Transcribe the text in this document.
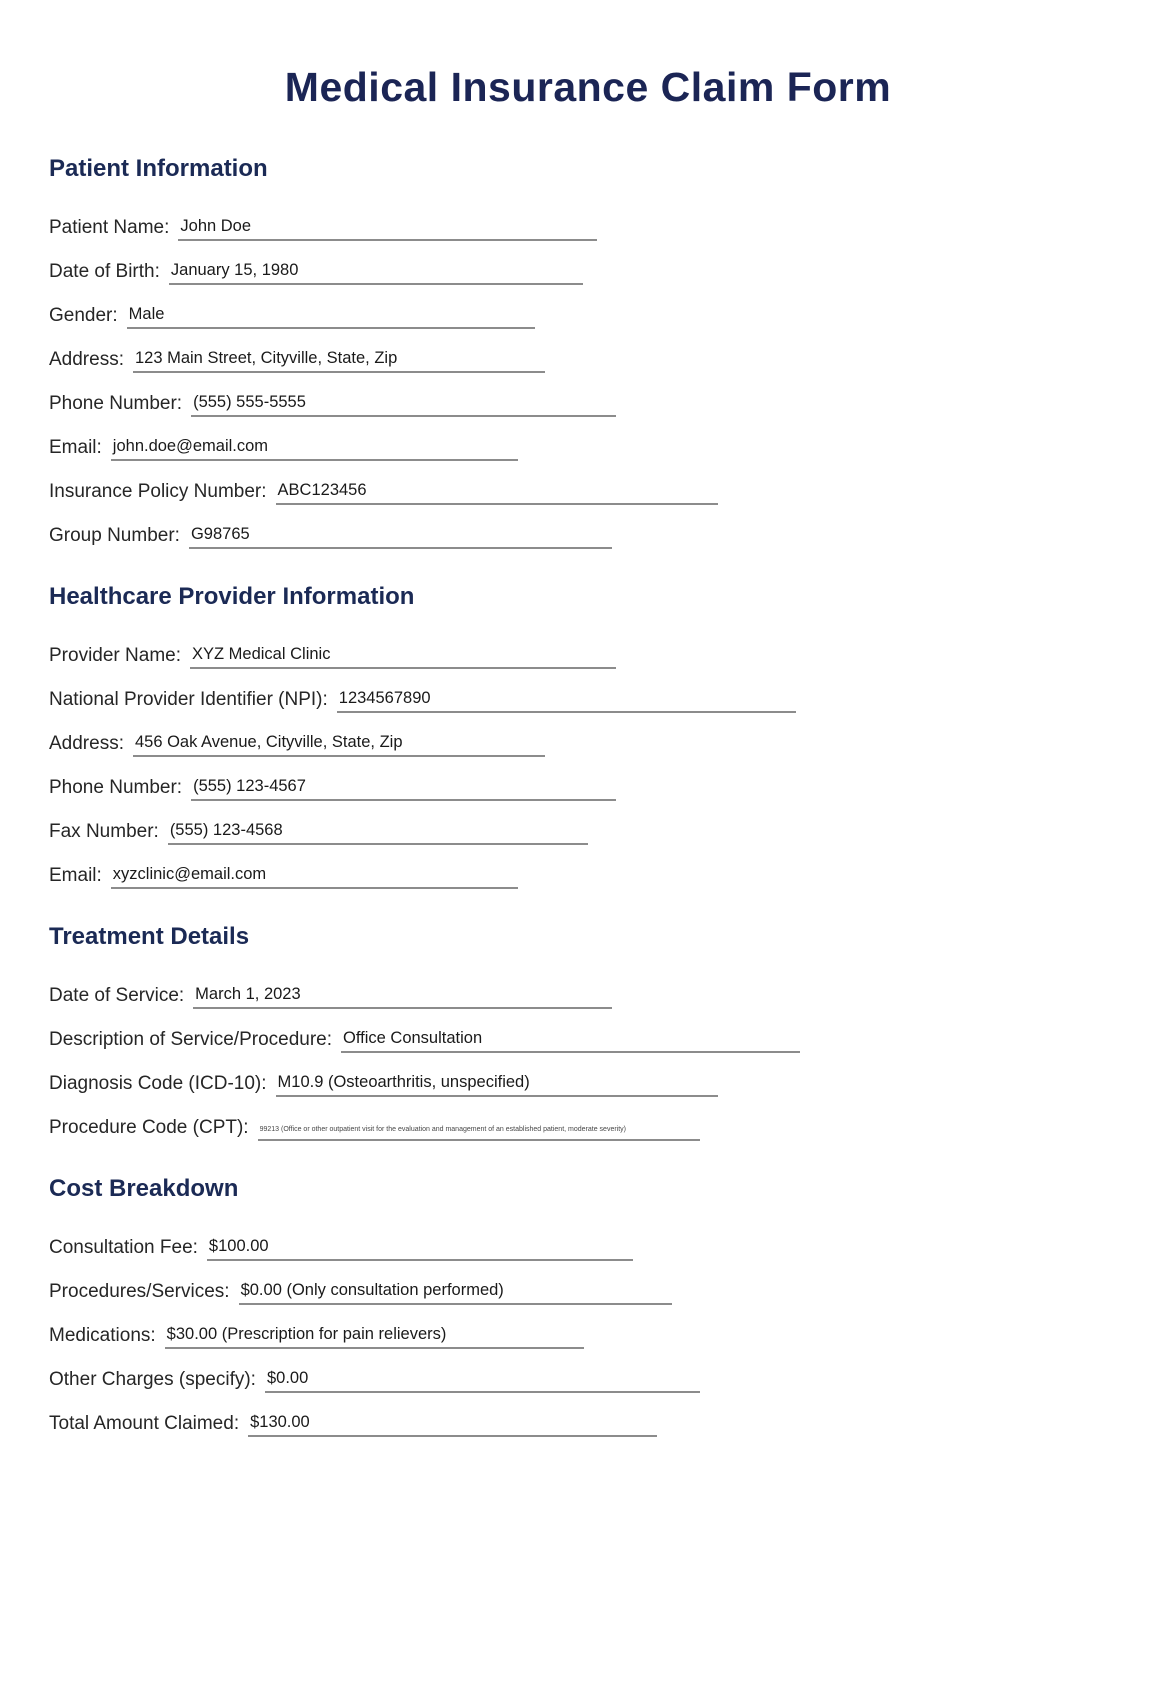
Medical Insurance Claim Form
Patient Information
Patient Name: John Doe
Date of Birth: January 15, 1980
Gender: Male
Address: 123 Main Street, Cityville, State, Zip
Phone Number: (555) 555-5555
Email: john.doe@email.com
Insurance Policy Number: ABC123456
Group Number: G98765
Healthcare Provider Information
Provider Name: XYZ Medical Clinic
National Provider Identifier (NPI): 1234567890
Address: 456 Oak Avenue, Cityville, State, Zip
Phone Number: (555) 123-4567
Fax Number: (555) 123-4568
Email: xyzclinic@email.com
Treatment Details
Date of Service: March 1, 2023
Description of Service/Procedure: Office Consultation
Diagnosis Code (ICD-10): M10.9 (Osteoarthritis, unspecified)
Procedure Code (CPT): 99213 (Office or other outpatient visit for the evaluation and management of an established patient, moderate severity)
Cost Breakdown
Consultation Fee: $100.00
Procedures/Services: $0.00 (Only consultation performed)
Medications: $30.00 (Prescription for pain relievers)
Other Charges (specify): $0.00
Total Amount Claimed: $130.00
